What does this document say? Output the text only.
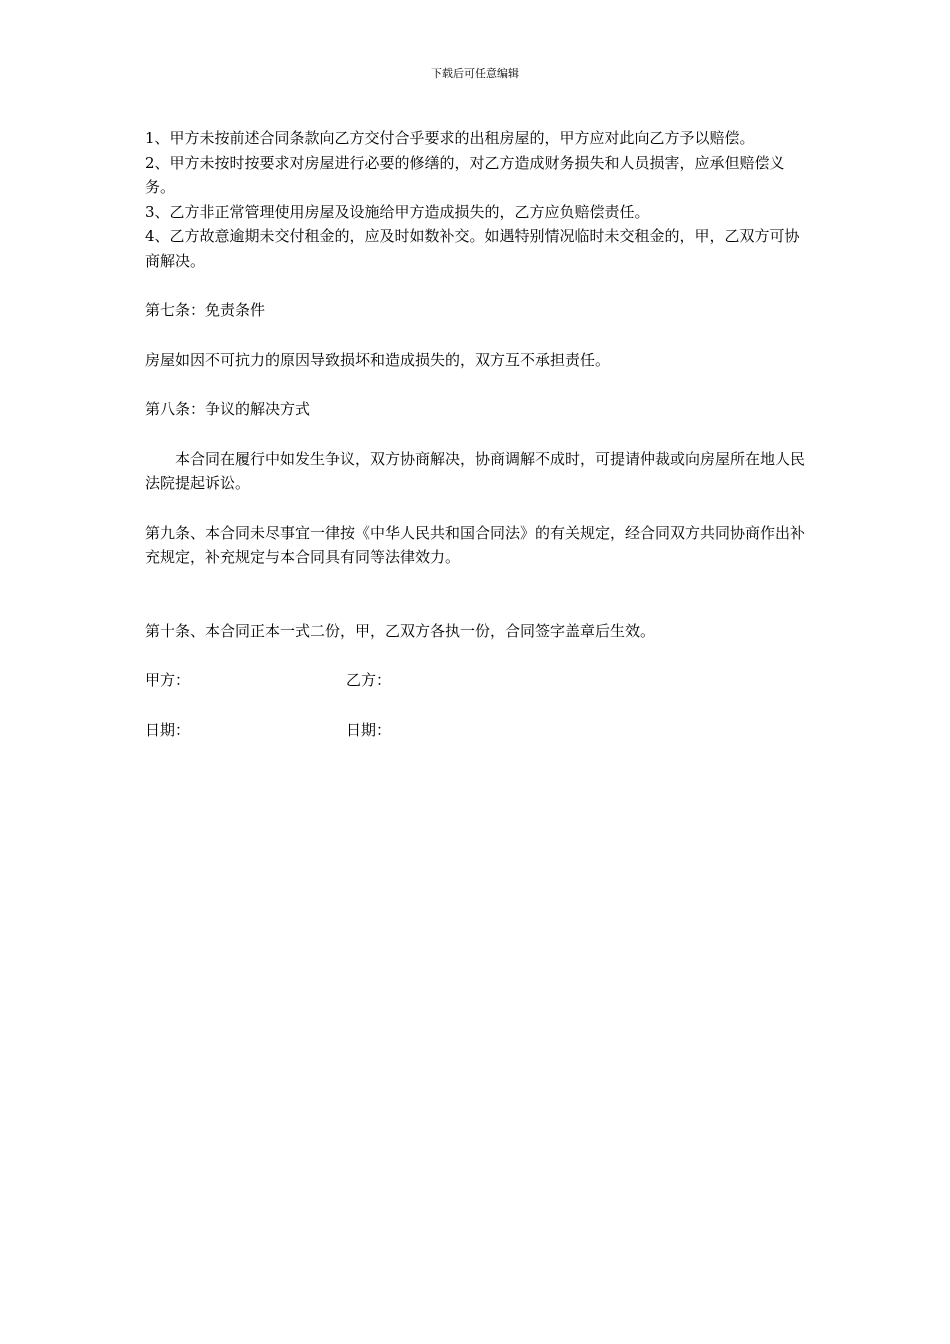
下载后可任意编辑

1、甲方未按前述合同条款向乙方交付合乎要求的出租房屋的，甲方应对此向乙方予以赔偿。

2、甲方未按时按要求对房屋进行必要的修缮的，对乙方造成财务损失和人员损害，应承但赔偿义务。

3、乙方非正常管理使用房屋及设施给甲方造成损失的，乙方应负赔偿责任。

4、乙方故意逾期未交付租金的，应及时如数补交。如遇特别情况临时未交租金的，甲，乙双方可协商解决。

第七条：免责条件

房屋如因不可抗力的原因导致损坏和造成损失的，双方互不承担责任。

第八条：争议的解决方式

本合同在履行中如发生争议，双方协商解决，协商调解不成时，可提请仲裁或向房屋所在地人民法院提起诉讼。

第九条、本合同未尽事宜一律按《中华人民共和国合同法》的有关规定，经合同双方共同协商作出补充规定，补充规定与本合同具有同等法律效力。

第十条、本合同正本一式二份，甲，乙双方各执一份，合同签字盖章后生效。

甲方：	乙方：
日期：	日期：
